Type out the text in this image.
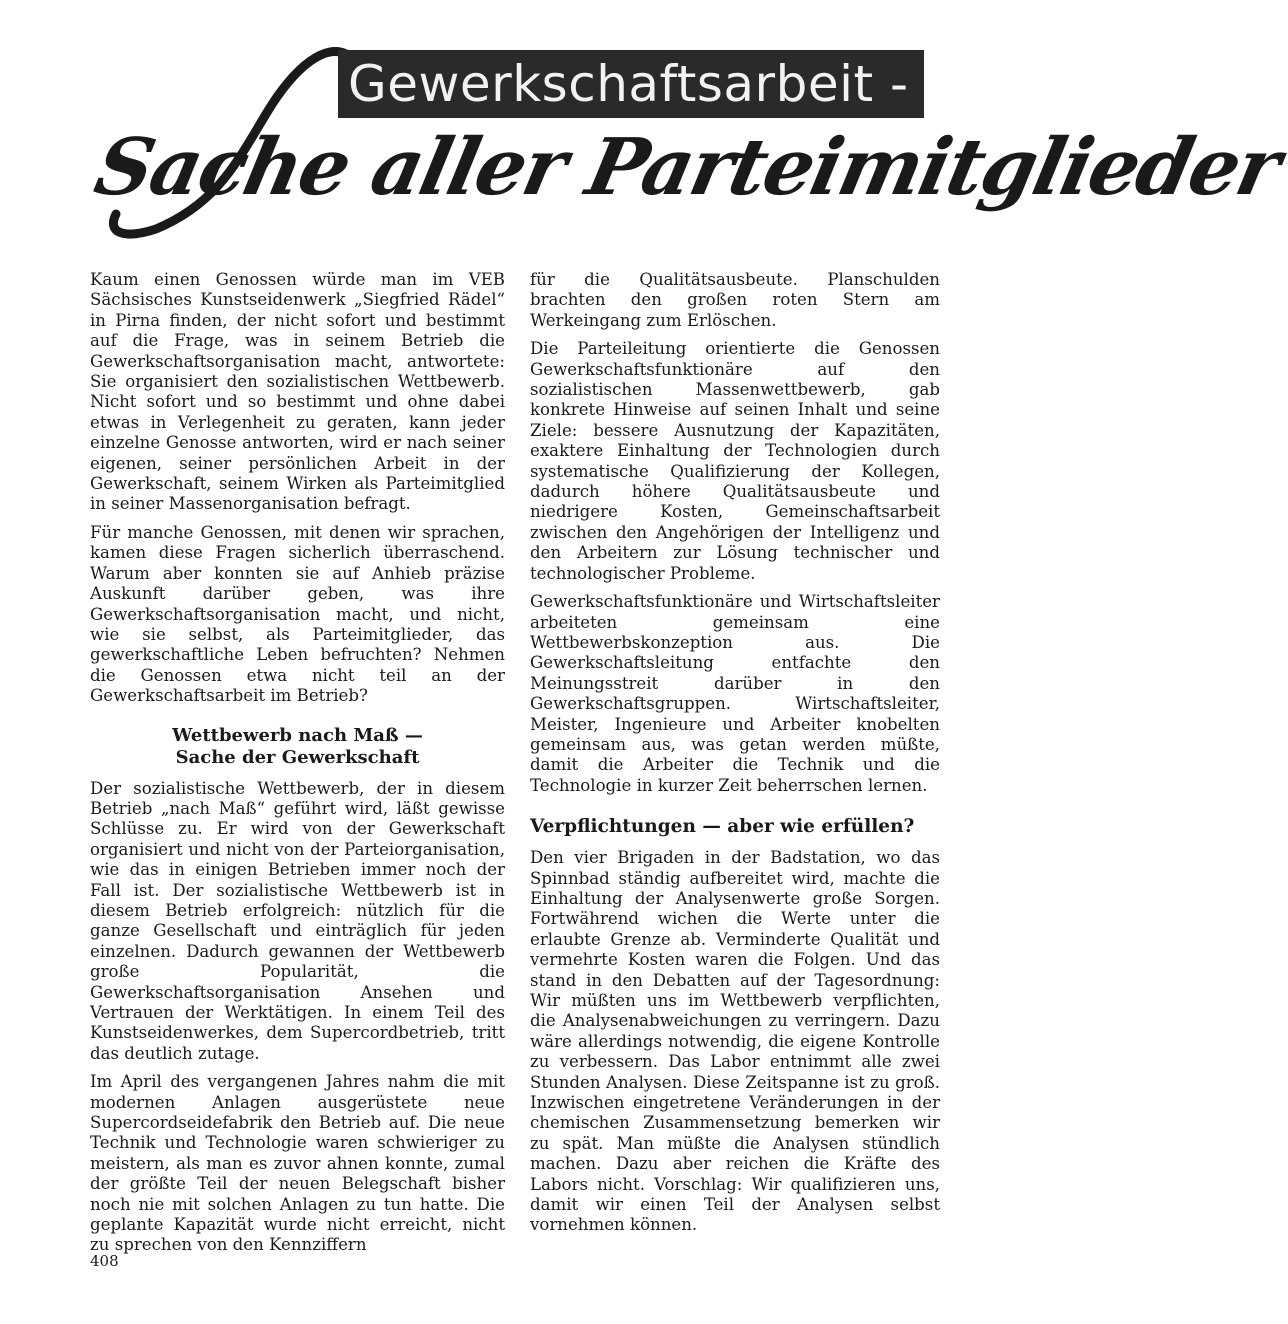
Gewerkschaftsarbeit -
Sache aller Parteimitglieder

Kaum einen Genossen würde man im VEB Sächsisches Kunstseidenwerk „Siegfried Rädel“ in Pirna finden, der nicht sofort und bestimmt auf die Frage, was in seinem Betrieb die Gewerkschaftsorganisation macht, antwortete: Sie organisiert den sozialistischen Wettbewerb. Nicht sofort und so bestimmt und ohne dabei etwas in Verlegenheit zu geraten, kann jeder einzelne Genosse antworten, wird er nach seiner eigenen, seiner persönlichen Arbeit in der Gewerkschaft, seinem Wirken als Parteimitglied in seiner Massenorganisation befragt.

Für manche Genossen, mit denen wir sprachen, kamen diese Fragen sicherlich überraschend. Warum aber konnten sie auf Anhieb präzise Auskunft darüber geben, was ihre Gewerkschaftsorganisation macht, und nicht, wie sie selbst, als Parteimitglieder, das gewerkschaftliche Leben befruchten? Nehmen die Genossen etwa nicht teil an der Gewerkschaftsarbeit im Betrieb?

Wettbewerb nach Maß —
Sache der Gewerkschaft

Der sozialistische Wettbewerb, der in diesem Betrieb „nach Maß“ geführt wird, läßt gewisse Schlüsse zu. Er wird von der Gewerkschaft organisiert und nicht von der Parteiorganisation, wie das in einigen Betrieben immer noch der Fall ist. Der sozialistische Wettbewerb ist in diesem Betrieb erfolgreich: nützlich für die ganze Gesellschaft und einträglich für jeden einzelnen. Dadurch gewannen der Wettbewerb große Popularität, die Gewerkschaftsorganisation Ansehen und Vertrauen der Werktätigen. In einem Teil des Kunstseidenwerkes, dem Supercordbetrieb, tritt das deutlich zutage.

Im April des vergangenen Jahres nahm die mit modernen Anlagen ausgerüstete neue Supercordseidefabrik den Betrieb auf. Die neue Technik und Technologie waren schwieriger zu meistern, als man es zuvor ahnen konnte, zumal der größte Teil der neuen Belegschaft bisher noch nie mit solchen Anlagen zu tun hatte. Die geplante Kapazität wurde nicht erreicht, nicht zu sprechen von den Kennziffern

für die Qualitätsausbeute. Planschulden brachten den großen roten Stern am Werkeingang zum Erlöschen.

Die Parteileitung orientierte die Genossen Gewerkschaftsfunktionäre auf den sozialistischen Massenwettbewerb, gab konkrete Hinweise auf seinen Inhalt und seine Ziele: bessere Ausnutzung der Kapazitäten, exaktere Einhaltung der Technologien durch systematische Qualifizierung der Kollegen, dadurch höhere Qualitätsausbeute und niedrigere Kosten, Gemeinschaftsarbeit zwischen den Angehörigen der Intelligenz und den Arbeitern zur Lösung technischer und technologischer Probleme.

Gewerkschaftsfunktionäre und Wirtschaftsleiter arbeiteten gemeinsam eine Wettbewerbskonzeption aus. Die Gewerkschaftsleitung entfachte den Meinungsstreit darüber in den Gewerkschaftsgruppen. Wirtschaftsleiter, Meister, Ingenieure und Arbeiter knobelten gemeinsam aus, was getan werden müßte, damit die Arbeiter die Technik und die Technologie in kurzer Zeit beherrschen lernen.

Verpflichtungen — aber wie erfüllen?

Den vier Brigaden in der Badstation, wo das Spinnbad ständig aufbereitet wird, machte die Einhaltung der Analysenwerte große Sorgen. Fortwährend wichen die Werte unter die erlaubte Grenze ab. Verminderte Qualität und vermehrte Kosten waren die Folgen. Und das stand in den Debatten auf der Tagesordnung: Wir müßten uns im Wettbewerb verpflichten, die Analysenabweichungen zu verringern. Dazu wäre allerdings notwendig, die eigene Kontrolle zu verbessern. Das Labor entnimmt alle zwei Stunden Analysen. Diese Zeitspanne ist zu groß. Inzwischen eingetretene Veränderungen in der chemischen Zusammensetzung bemerken wir zu spät. Man müßte die Analysen stündlich machen. Dazu aber reichen die Kräfte des Labors nicht. Vorschlag: Wir qualifizieren uns, damit wir einen Teil der Analysen selbst vornehmen können.

408
